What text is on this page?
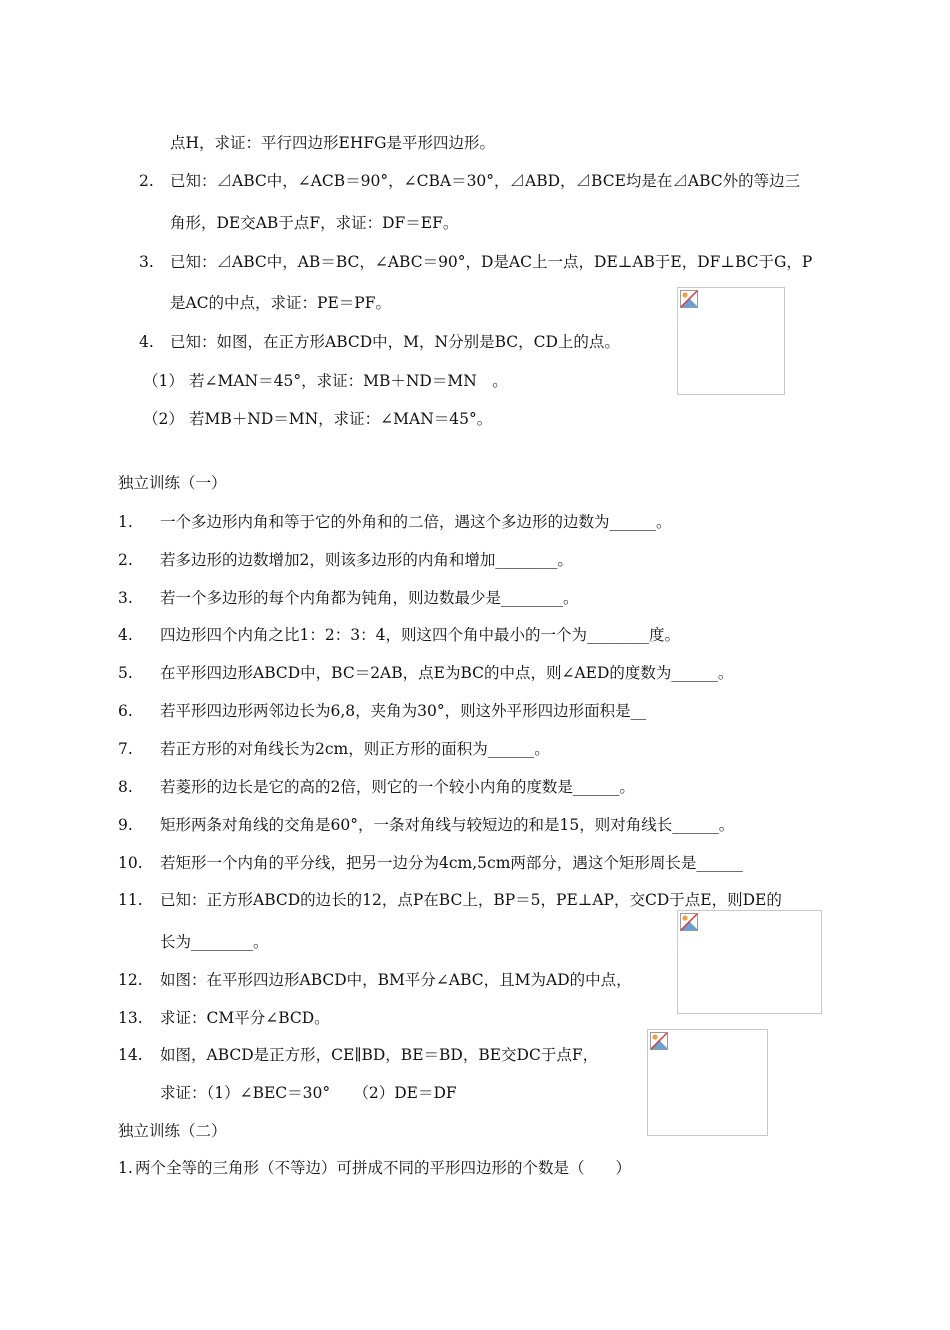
点H，求证：平行四边形EHFG是平形四边形。
2. 已知：⊿ABC中，∠ACB＝90°，∠CBA＝30°，⊿ABD，⊿BCE均是在⊿ABC外的等边三
角形，DE交AB于点F，求证：DF＝EF。
3. 已知：⊿ABC中，AB＝BC，∠ABC＝90°，D是AC上一点，DE⊥AB于E，DF⊥BC于G，P
是AC的中点，求证：PE＝PF。
4. 已知：如图，在正方形ABCD中，M，N分别是BC，CD上的点。
（1） 若∠MAN＝45°，求证：MB＋ND＝MN　。
（2） 若MB＋ND＝MN，求证：∠MAN＝45°。
独立训练（一）
1. 一个多边形内角和等于它的外角和的二倍，遇这个多边形的边数为______。
2. 若多边形的边数增加2，则该多边形的内角和增加________。
3. 若一个多边形的每个内角都为钝角，则边数最少是________。
4. 四边形四个内角之比1：2：3：4，则这四个角中最小的一个为________度。
5. 在平形四边形ABCD中，BC＝2AB，点E为BC的中点，则∠AED的度数为______。
6. 若平形四边形两邻边长为6,8，夹角为30°，则这外平形四边形面积是__
7. 若正方形的对角线长为2cm，则正方形的面积为______。
8. 若菱形的边长是它的高的2倍，则它的一个较小内角的度数是______。
9. 矩形两条对角线的交角是60°，一条对角线与较短边的和是15，则对角线长______。
10. 若矩形一个内角的平分线，把另一边分为4cm,5cm两部分，遇这个矩形周长是______
11. 已知：正方形ABCD的边长的12，点P在BC上，BP＝5，PE⊥AP，交CD于点E，则DE的
长为________。
12. 如图：在平形四边形ABCD中，BM平分∠ABC，且M为AD的中点，
13. 求证：CM平分∠BCD。
14. 如图，ABCD是正方形，CE∥BD，BE＝BD，BE交DC于点F，
求证：（1）∠BEC＝30°　　（2）DE＝DF
独立训练（二）
1. 两个全等的三角形（不等边）可拼成不同的平形四边形的个数是（　　）
